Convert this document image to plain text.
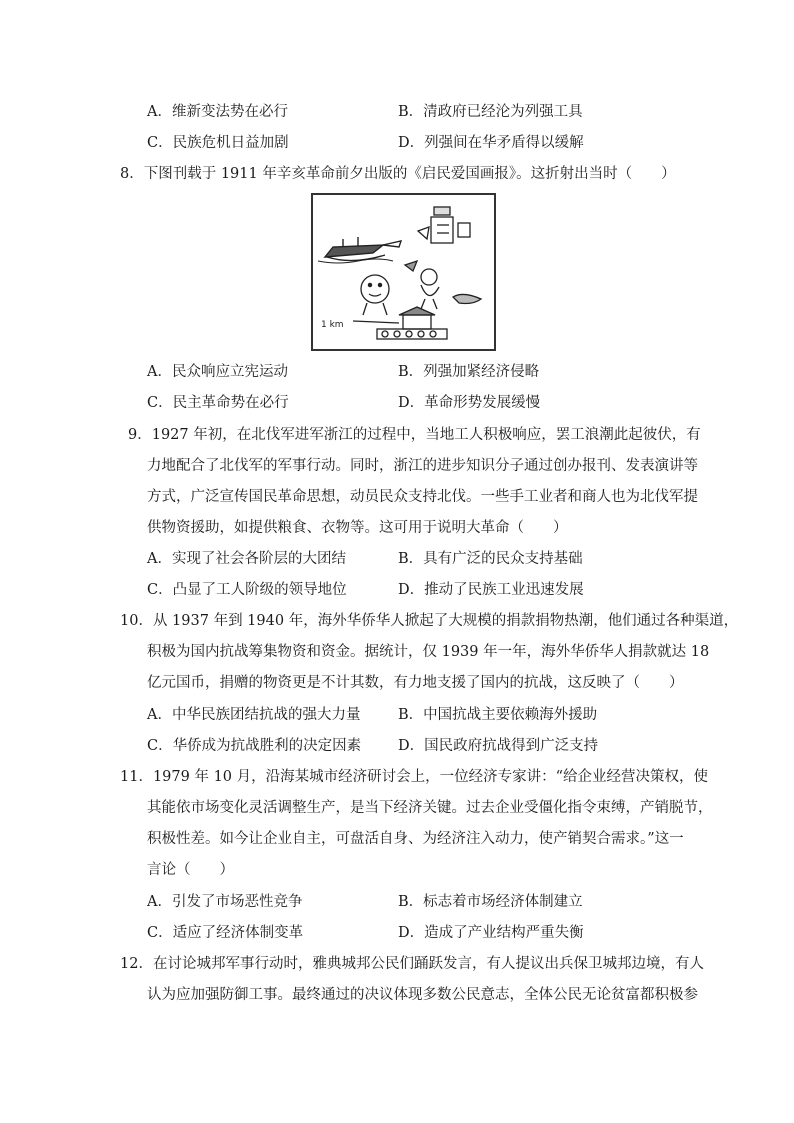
A．维新变法势在必行	B．清政府已经沦为列强工具
C．民族危机日益加剧	D．列强间在华矛盾得以缓解
8．下图刊载于 1911 年辛亥革命前夕出版的《启民爱国画报》。这折射出当时（　　）
1 km
A．民众响应立宪运动	B．列强加紧经济侵略
C．民主革命势在必行	D．革命形势发展缓慢
9．1927 年初，在北伐军进军浙江的过程中，当地工人积极响应，罢工浪潮此起彼伏，有
力地配合了北伐军的军事行动。同时，浙江的进步知识分子通过创办报刊、发表演讲等
方式，广泛宣传国民革命思想，动员民众支持北伐。一些手工业者和商人也为北伐军提
供物资援助，如提供粮食、衣物等。这可用于说明大革命（　　）
A．实现了社会各阶层的大团结	B．具有广泛的民众支持基础
C．凸显了工人阶级的领导地位	D．推动了民族工业迅速发展
10．从 1937 年到 1940 年，海外华侨华人掀起了大规模的捐款捐物热潮，他们通过各种渠道，
积极为国内抗战筹集物资和资金。据统计，仅 1939 年一年，海外华侨华人捐款就达 18
亿元国币，捐赠的物资更是不计其数，有力地支援了国内的抗战，这反映了（　　）
A．中华民族团结抗战的强大力量	B．中国抗战主要依赖海外援助
C．华侨成为抗战胜利的决定因素	D．国民政府抗战得到广泛支持
11．1979 年 10 月，沿海某城市经济研讨会上，一位经济专家讲：“给企业经营决策权，使
其能依市场变化灵活调整生产，是当下经济关键。过去企业受僵化指令束缚，产销脱节，
积极性差。如今让企业自主，可盘活自身、为经济注入动力，使产销契合需求。”这一
言论（　　）
A．引发了市场恶性竞争	B．标志着市场经济体制建立
C．适应了经济体制变革	D．造成了产业结构严重失衡
12．在讨论城邦军事行动时，雅典城邦公民们踊跃发言，有人提议出兵保卫城邦边境，有人
认为应加强防御工事。最终通过的决议体现多数公民意志，全体公民无论贫富都积极参
